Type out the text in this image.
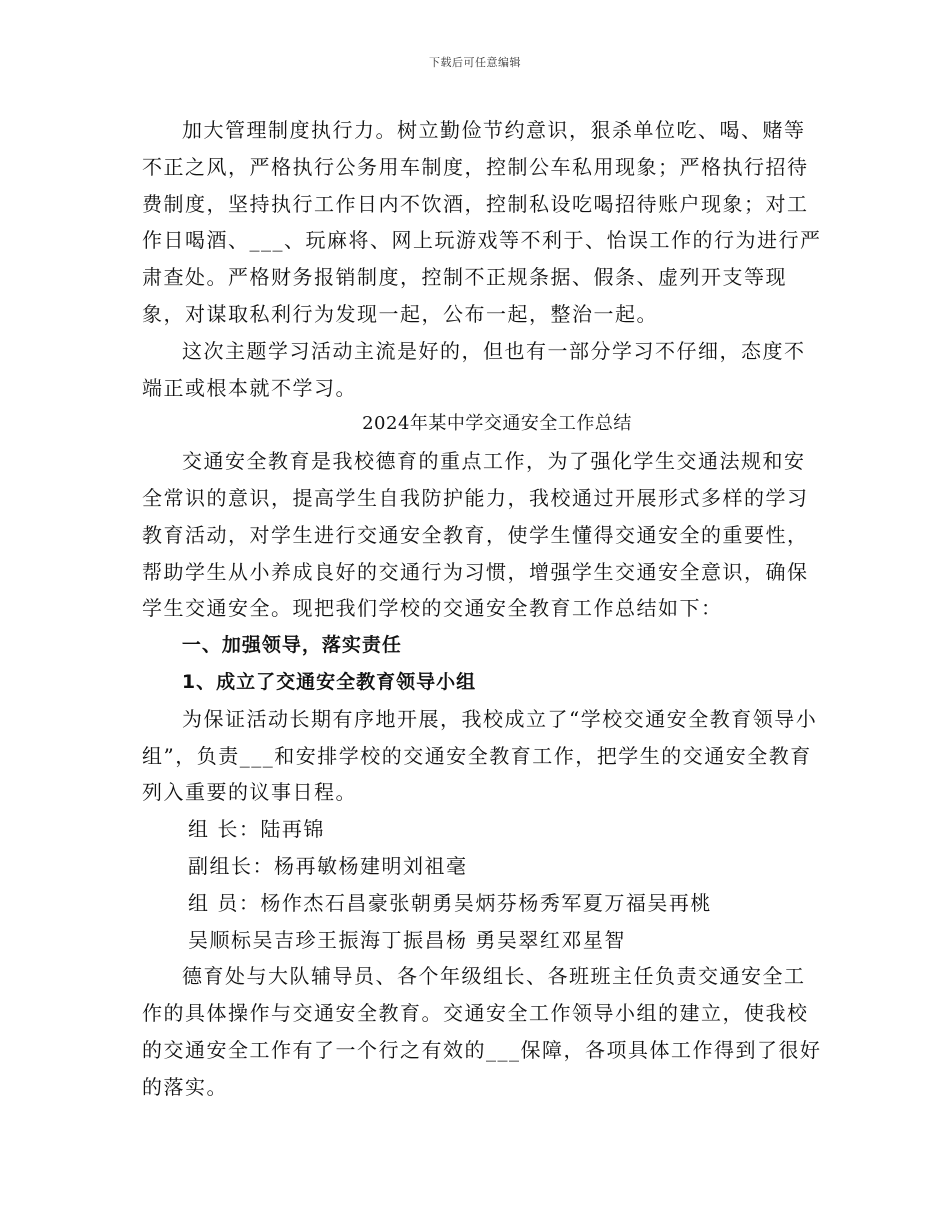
下载后可任意编辑

加大管理制度执行力。树立勤俭节约意识，狠杀单位吃、喝、赌等不正之风，严格执行公务用车制度，控制公车私用现象；严格执行招待费制度，坚持执行工作日内不饮酒，控制私设吃喝招待账户现象；对工作日喝酒、___、玩麻将、网上玩游戏等不利于、怡误工作的行为进行严肃查处。严格财务报销制度，控制不正规条据、假条、虚列开支等现象，对谋取私利行为发现一起，公布一起，整治一起。

这次主题学习活动主流是好的，但也有一部分学习不仔细，态度不端正或根本就不学习。

2024年某中学交通安全工作总结

交通安全教育是我校德育的重点工作，为了强化学生交通法规和安全常识的意识，提高学生自我防护能力，我校通过开展形式多样的学习教育活动，对学生进行交通安全教育，使学生懂得交通安全的重要性，帮助学生从小养成良好的交通行为习惯，增强学生交通安全意识，确保学生交通安全。现把我们学校的交通安全教育工作总结如下：

一、加强领导，落实责任

1、成立了交通安全教育领导小组

为保证活动长期有序地开展，我校成立了“学校交通安全教育领导小组”，负责___和安排学校的交通安全教育工作，把学生的交通安全教育列入重要的议事日程。

组 长：陆再锦

副组长：杨再敏杨建明刘祖毫

组 员：杨作杰石昌豪张朝勇吴炳芬杨秀军夏万福吴再桃

吴顺标吴吉珍王振海丁振昌杨 勇吴翠红邓星智

德育处与大队辅导员、各个年级组长、各班班主任负责交通安全工作的具体操作与交通安全教育。交通安全工作领导小组的建立，使我校的交通安全工作有了一个行之有效的___保障，各项具体工作得到了很好的落实。
